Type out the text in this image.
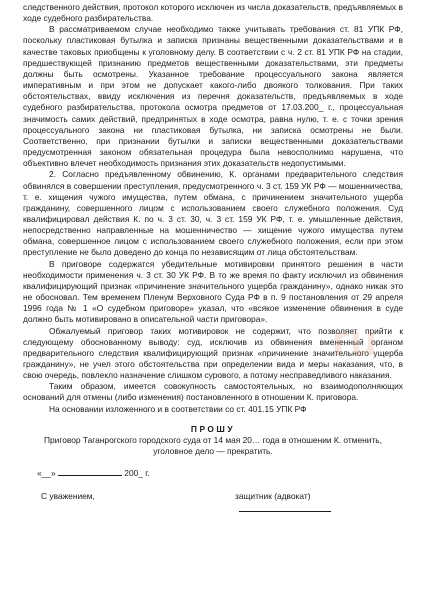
следственного действия, протокол которого исключен из числа доказательств, предъявляемых в ходе судебного разбирательства.

В рассматриваемом случае необходимо также учитывать требования ст. 81 УПК РФ, поскольку пластиковая бутылка и записка признаны вещественными доказательствами и в качестве таковых приобщены к уголовному делу. В соответствии с ч. 2 ст. 81 УПК РФ на стадии, предшествующей признанию предметов вещественными доказательствами, эти предметы должны быть осмотрены. Указанное требование процессуального закона является императивным и при этом не допускает какого-либо двоякого толкования. При таких обстоятельствах, ввиду исключения из перечня доказательств, предъявляемых в ходе судебного разбирательства, протокола осмотра предметов от 17.03.200_ г., процессуальная значимость самих действий, предпринятых в ходе осмотра, равна нулю, т. е. с точки зрения процессуального закона ни пластиковая бутылка, ни записка осмотрены не были. Соответственно, при признании бутылки и записки вещественными доказательствами предусмотренная законом обязательная процедура была невосполнимо нарушена, что объективно влечет необходимость признания этих доказательств недопустимыми.

2. Согласно предъявленному обвинению, К. органами предварительного следствия обвинялся в совершении преступления, предусмотренного ч. 3 ст. 159 УК РФ — мошенничества, т. е. хищения чужого имущества, путем обмана, с причинением значительного ущерба гражданину, совершенного лицом с использованием своего служебного положения. Суд квалифицировал действия К. по ч. 3 ст. 30, ч. 3 ст. 159 УК РФ, т. е. умышленные действия, непосредственно направленные на мошенничество — хищение чужого имущества путем обмана, совершенное лицом с использованием своего служебного положения, если при этом преступление не было доведено до конца по независящим от лица обстоятельствам.

В приговоре содержатся убедительные мотивировки принятого решения в части необходимости применения ч. 3 ст. 30 УК РФ. В то же время по факту исключил из обвинения квалифицирующий признак «причинение значительного ущерба гражданину», однако никак это не обосновал. Тем временем Пленум Верховного Суда РФ в п. 9 постановления от 29 апреля 1996 года № 1 «О судебном приговоре» указал, что «всякое изменение обвинения в суде должно быть мотивировано в описательной части приговора».

Обжалуемый приговор таких мотивировок не содержит, что позволяет прийти к следующему обоснованному выводу: суд, исключив из обвинения вмененный органом предварительного следствия квалифицирующий признак «причинение значительного ущерба гражданину», не учел этого обстоятельства при определении вида и меры наказания, что, в свою очередь, повлекло назначение слишком сурового, а потому несправедливого наказания.

Таким образом, имеется совокупность самостоятельных, но взаимодополняющих оснований для отмены (либо изменения) постановленного в отношении К. приговора.

На основании изложенного и в соответствии со ст. 401.15 УПК РФ

ПРОШУ

Приговор Таганрогского городского суда от 14 мая 20… года в отношении К. отменить, уголовное дело — прекратить.

«__»	200_ г.
С уважением,	защитник (адвокат)
ru
